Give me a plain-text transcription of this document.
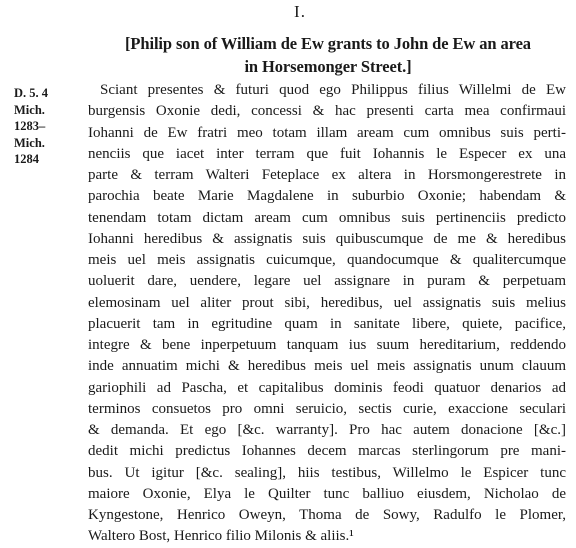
I.
[Philip son of William de Ew grants to John de Ew an area
in Horsemonger Street.]
D. 5. 4
Mich.
1283–
Mich.
1284
Sciant presentes & futuri quod ego Philippus filius Willelmi de Ew
burgensis Oxonie dedi, concessi & hac presenti carta mea confirmaui
Iohanni de Ew fratri meo totam illam aream cum omnibus suis perti-
nenciis que iacet inter terram que fuit Iohannis le Especer ex una
parte & terram Walteri Feteplace ex altera in Horsmongerestrete in
parochia beate Marie Magdalene in suburbio Oxonie; habendam &
tenendam totam dictam aream cum omnibus suis pertinenciis predicto
Iohanni heredibus & assignatis suis quibuscumque de me & heredibus
meis uel meis assignatis cuicumque, quandocumque & qualitercumque
uoluerit dare, uendere, legare uel assignare in puram & perpetuam
elemosinam uel aliter prout sibi, heredibus, uel assignatis suis melius
placuerit tam in egritudine quam in sanitate libere, quiete, pacifice,
integre & bene inperpetuum tanquam ius suum hereditarium, reddendo
inde annuatim michi & heredibus meis uel meis assignatis unum clauum
gariophili ad Pascha, et capitalibus dominis feodi quatuor denarios ad
terminos consuetos pro omni seruicio, sectis curie, exaccione seculari
& demanda. Et ego [&c. warranty]. Pro hac autem donacione [&c.]
dedit michi predictus Iohannes decem marcas sterlingorum pre mani-
bus. Ut igitur [&c. sealing], hiis testibus, Willelmo le Espicer tunc
maiore Oxonie, Elya le Quilter tunc balliuo eiusdem, Nicholao de
Kyngestone, Henrico Oweyn, Thoma de Sowy, Radulfo le Plomer,
Waltero Bost, Henrico filio Milonis & aliis.¹
